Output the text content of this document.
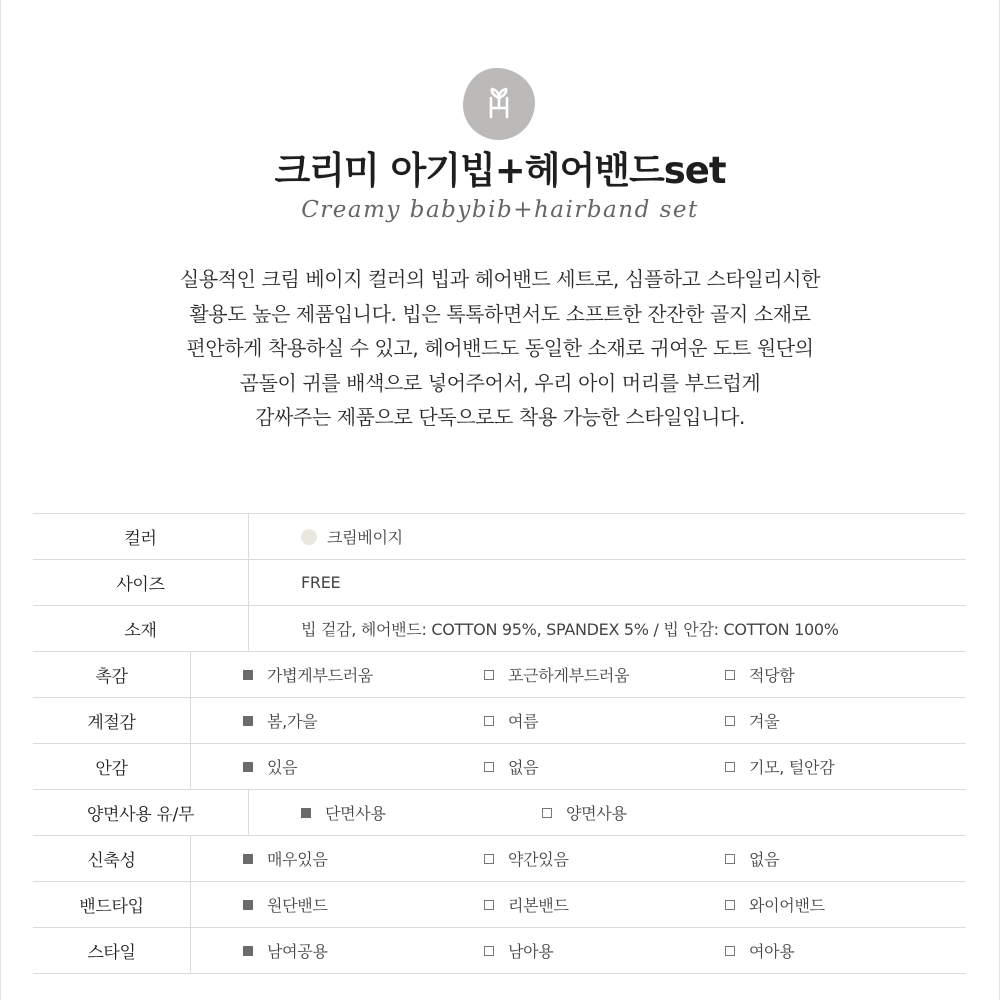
크리미 아기빕+헤어밴드set
Creamy babybib+hairband set
실용적인 크림 베이지 컬러의 빕과 헤어밴드 세트로, 심플하고 스타일리시한
활용도 높은 제품입니다. 빕은 톡톡하면서도 소프트한 잔잔한 골지 소재로
편안하게 착용하실 수 있고, 헤어밴드도 동일한 소재로 귀여운 도트 원단의
곰돌이 귀를 배색으로 넣어주어서, 우리 아이 머리를 부드럽게
감싸주는 제품으로 단독으로도 착용 가능한 스타일입니다.
컬러	크림베이지
사이즈	FREE
소재	빕 겉감, 헤어밴드: COTTON 95%, SPANDEX 5% / 빕 안감: COTTON 100%
촉감	가볍게부드러움	포근하게부드러움	적당함
계절감	봄,가을	여름	겨울
안감	있음	없음	기모, 털안감
양면사용 유/무	단면사용	양면사용
신축성	매우있음	약간있음	없음
밴드타입	원단밴드	리본밴드	와이어밴드
스타일	남여공용	남아용	여아용
